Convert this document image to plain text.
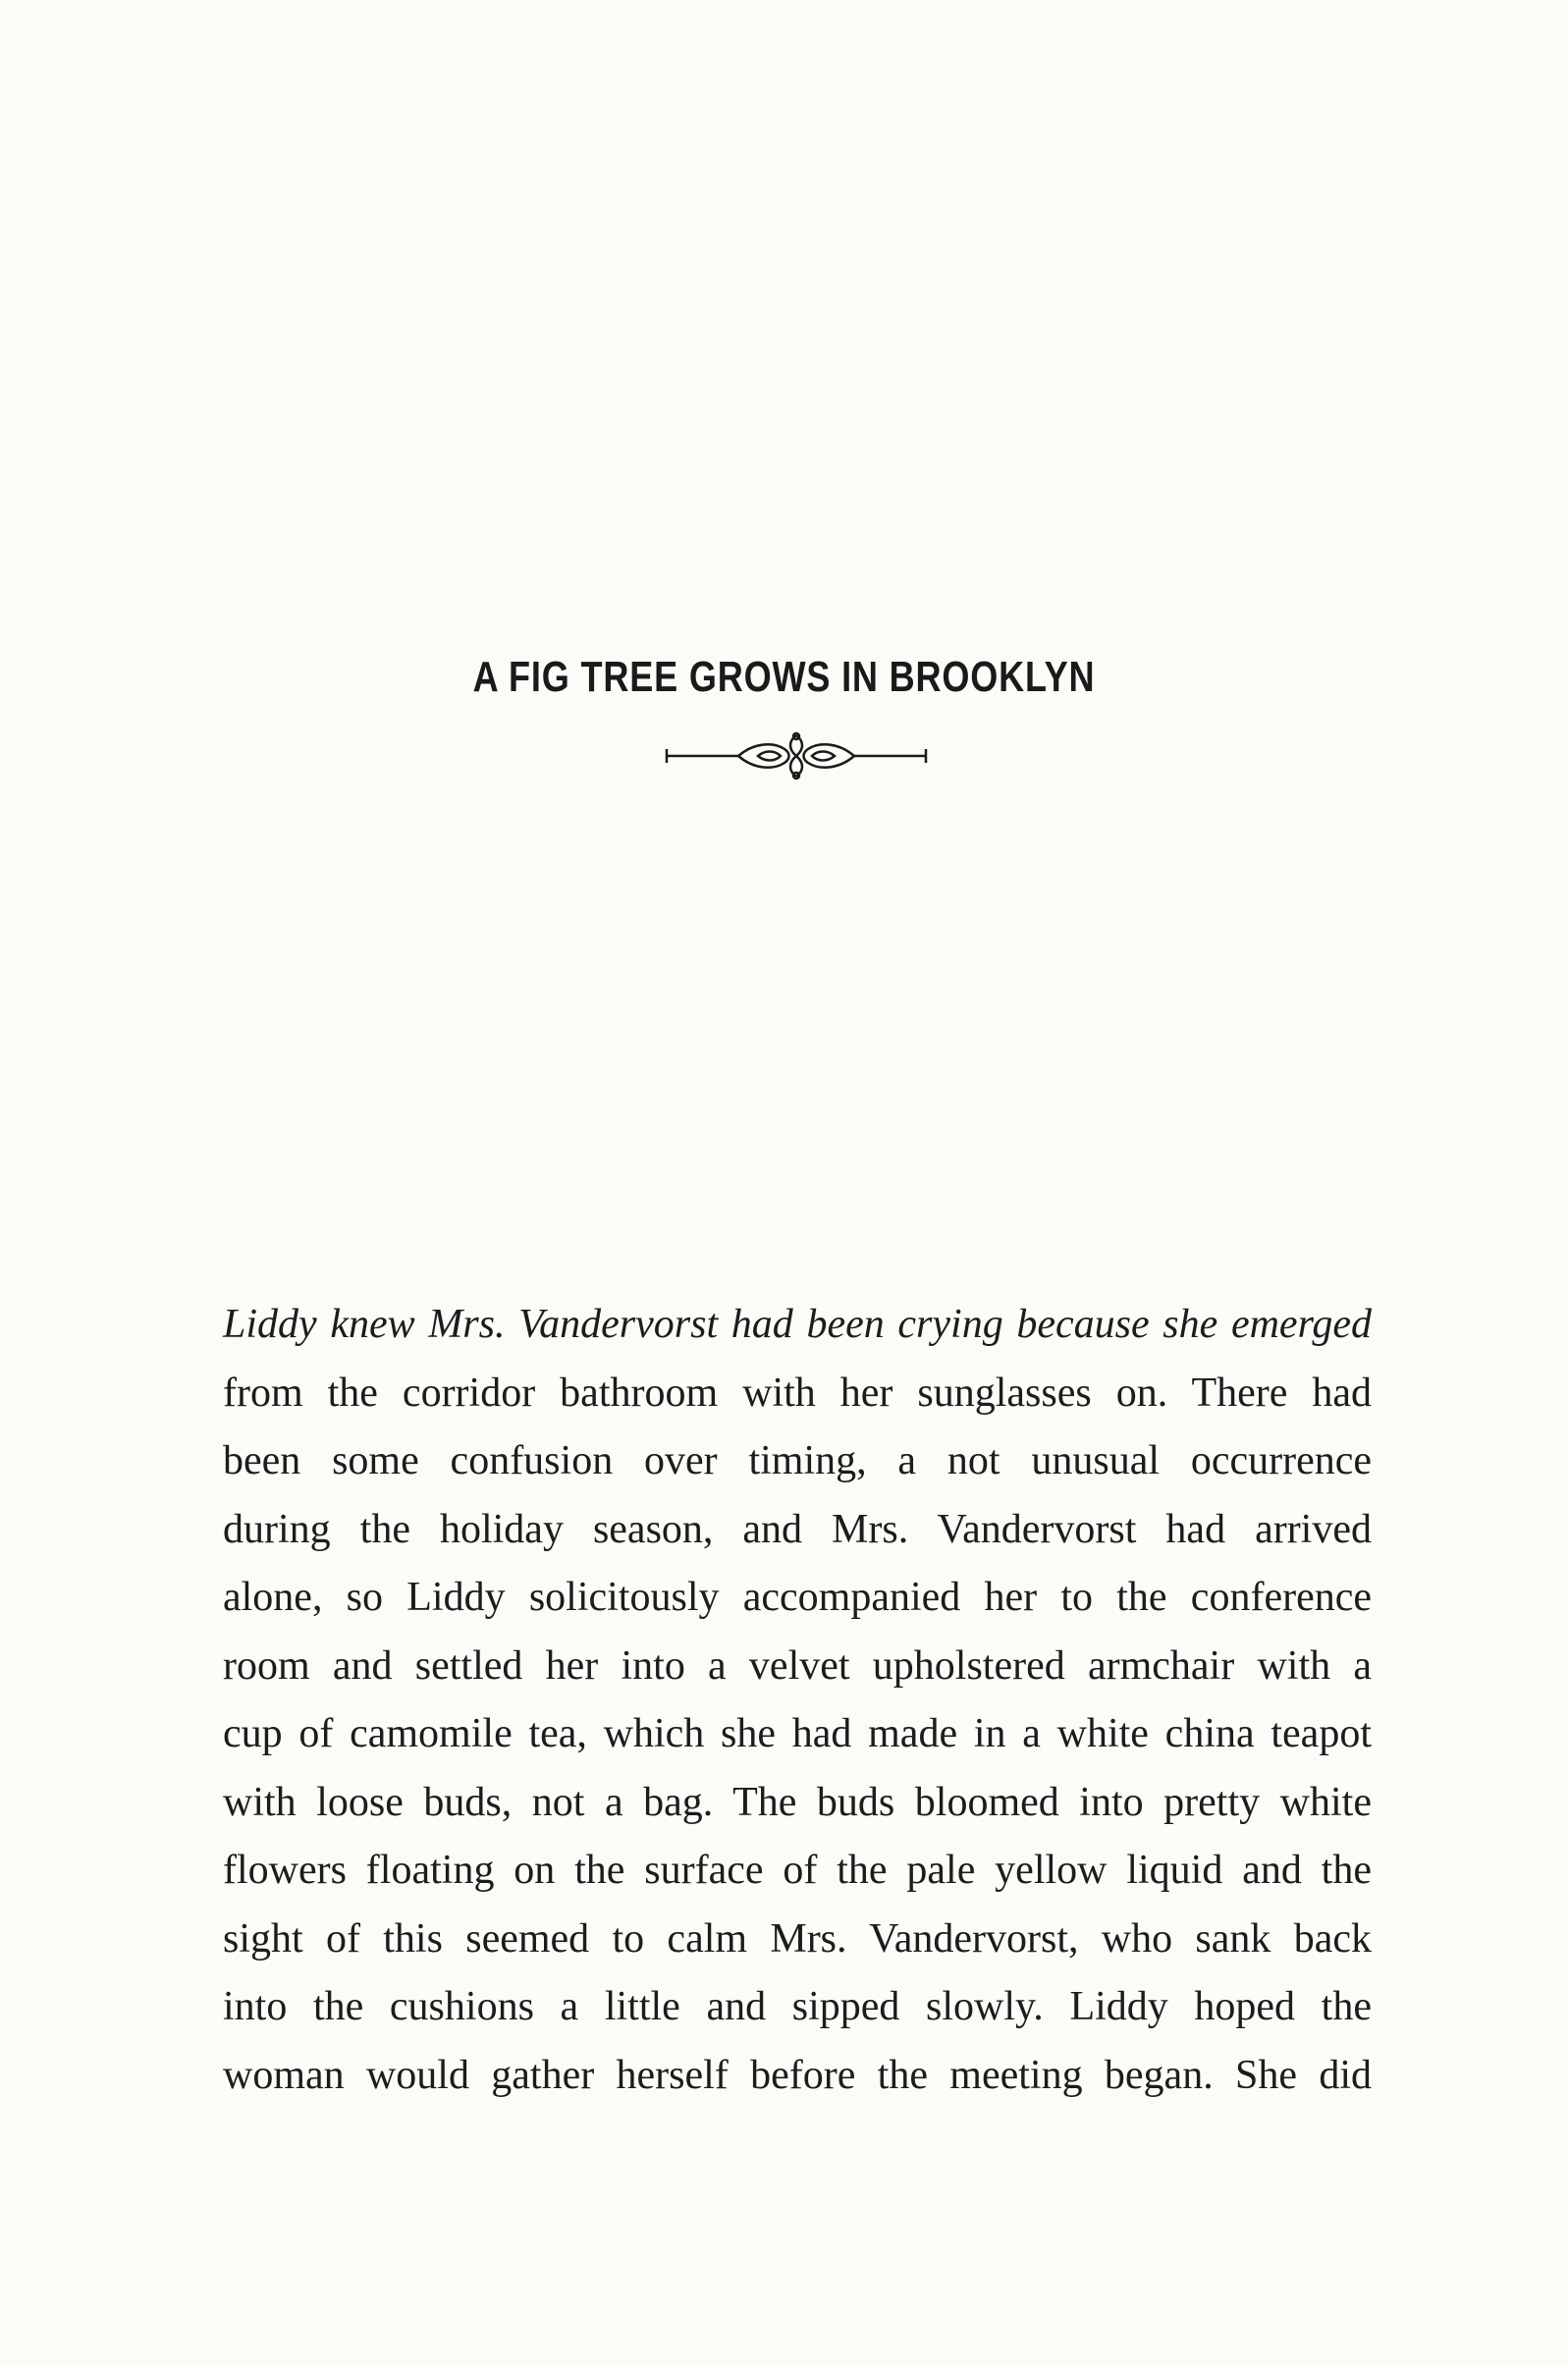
A FIG TREE GROWS IN BROOKLYN
Liddy knew Mrs. Vandervorst had been crying because she emerged
from the corridor bathroom with her sunglasses on. There had
been some confusion over timing, a not unusual occurrence
during the holiday season, and Mrs. Vandervorst had arrived
alone, so Liddy solicitously accompanied her to the conference
room and settled her into a velvet upholstered armchair with a
cup of camomile tea, which she had made in a white china teapot
with loose buds, not a bag. The buds bloomed into pretty white
flowers floating on the surface of the pale yellow liquid and the
sight of this seemed to calm Mrs. Vandervorst, who sank back
into the cushions a little and sipped slowly. Liddy hoped the
woman would gather herself before the meeting began. She did
